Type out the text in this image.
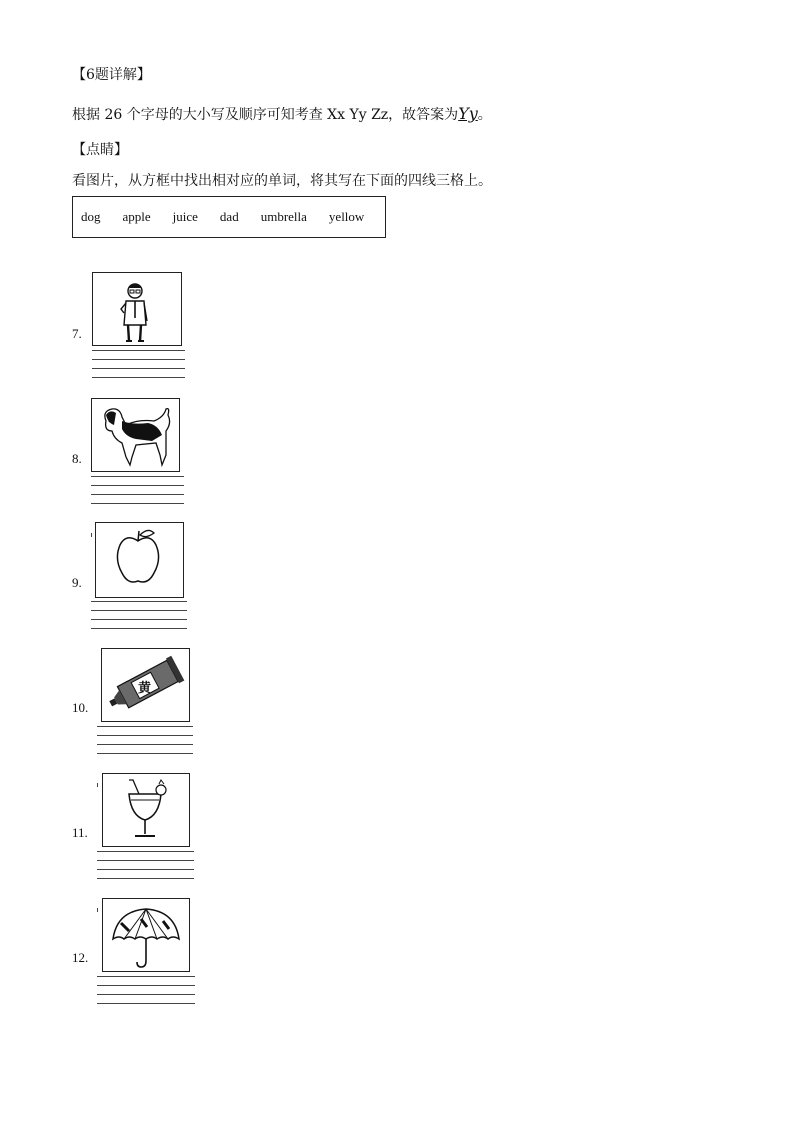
【6题详解】
根据 26 个字母的大小写及顺序可知考查 Xx Yy Zz，故答案为Yy。
【点睛】
看图片，从方框中找出相对应的单词，将其写在下面的四线三格上。
dog apple juice dad umbrella yellow
7.
8.
9.
10.
黄
11.
12.
